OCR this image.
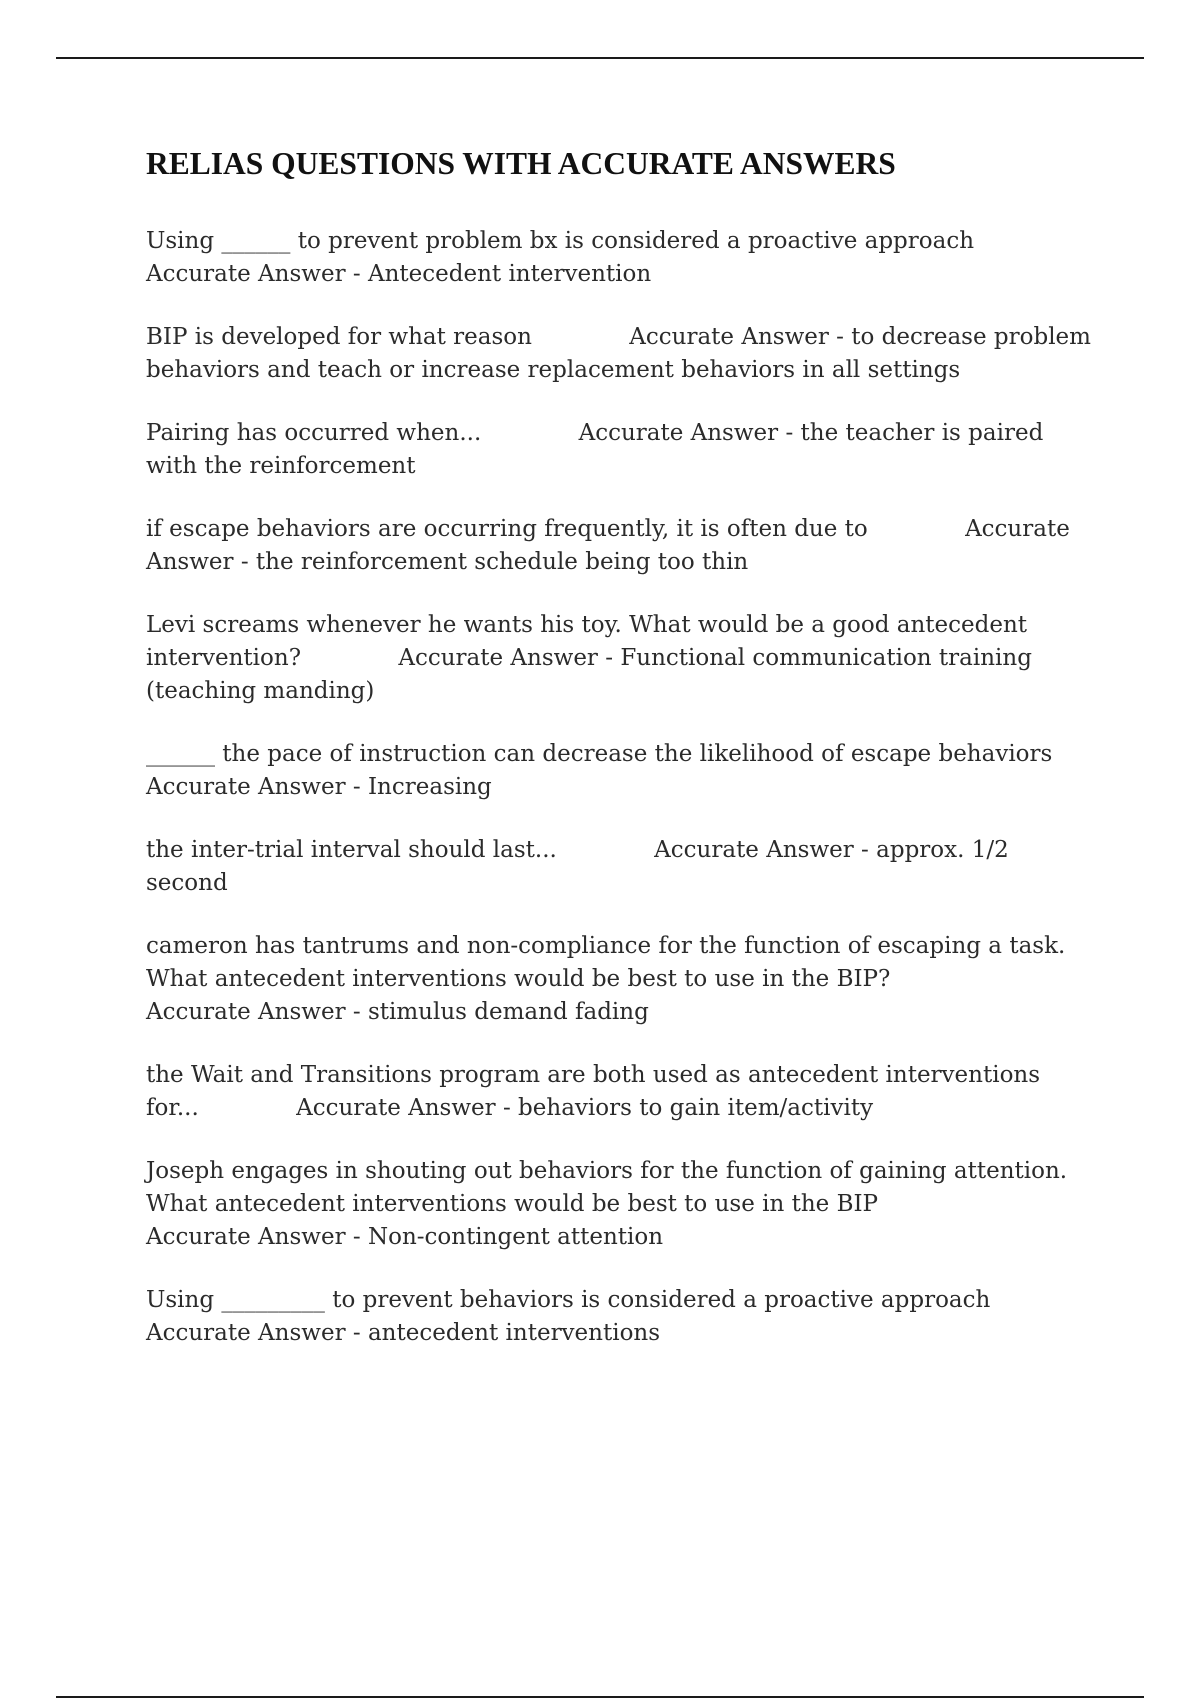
RELIAS QUESTIONS WITH ACCURATE ANSWERS

Using ______ to prevent problem bx is considered a proactive approach
Accurate Answer - Antecedent intervention

BIP is developed for what reason	Accurate Answer - to decrease problem behaviors and teach or increase replacement behaviors in all settings

Pairing has occurred when...	Accurate Answer - the teacher is paired with the reinforcement

if escape behaviors are occurring frequently, it is often due to	Accurate Answer - the reinforcement schedule being too thin

Levi screams whenever he wants his toy. What would be a good antecedent intervention?	Accurate Answer - Functional communication training (teaching manding)

______ the pace of instruction can decrease the likelihood of escape behaviors
Accurate Answer - Increasing

the inter-trial interval should last...	Accurate Answer - approx. 1/2 second

cameron has tantrums and non-compliance for the function of escaping a task. What antecedent interventions would be best to use in the BIP?
Accurate Answer - stimulus demand fading

the Wait and Transitions program are both used as antecedent interventions for...	Accurate Answer - behaviors to gain item/activity

Joseph engages in shouting out behaviors for the function of gaining attention. What antecedent interventions would be best to use in the BIP
Accurate Answer - Non-contingent attention

Using _________ to prevent behaviors is considered a proactive approach
Accurate Answer - antecedent interventions
